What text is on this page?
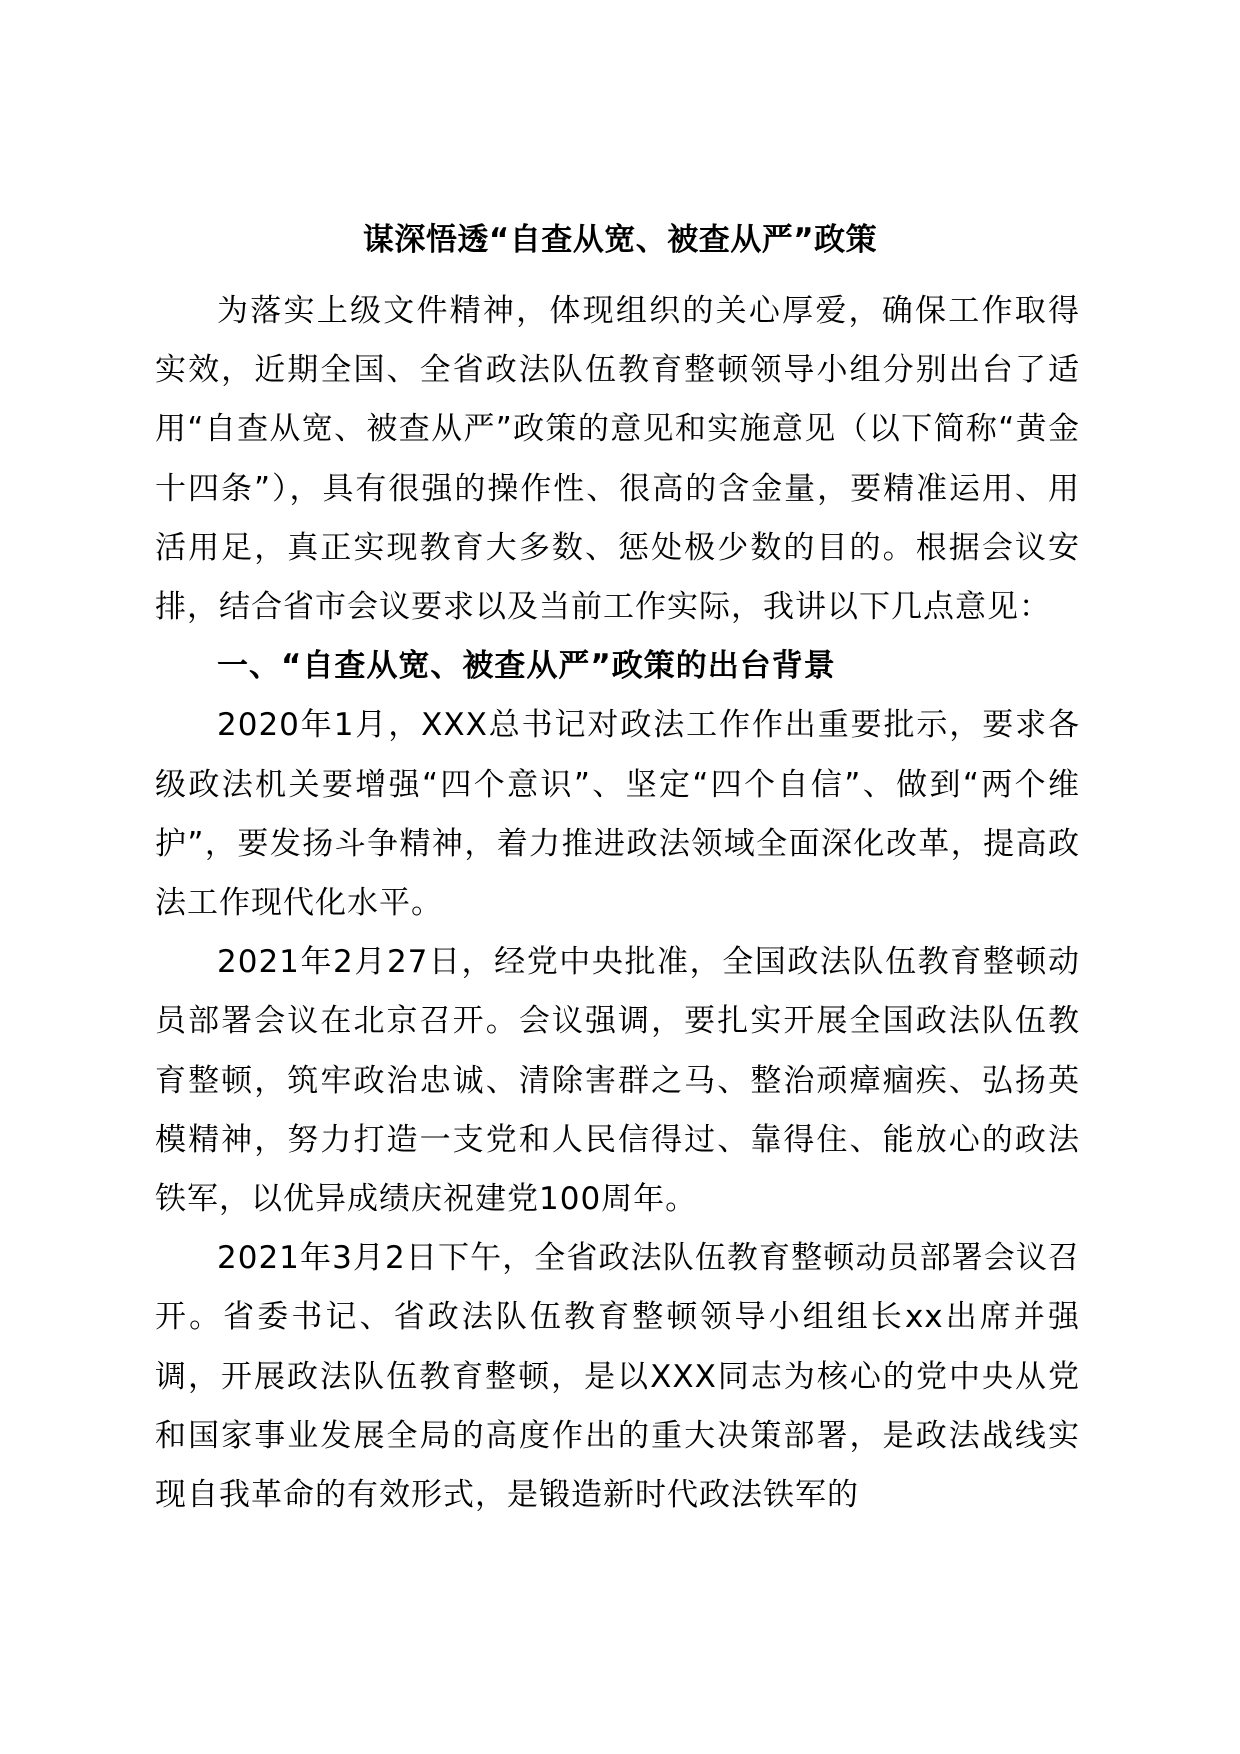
谋深悟透“自查从宽、被查从严”政策

为落实上级文件精神，体现组织的关心厚爱，确保工作取得实效，近期全国、全省政法队伍教育整顿领导小组分别出台了适用“自查从宽、被查从严”政策的意见和实施意见（以下简称“黄金十四条”），具有很强的操作性、很高的含金量，要精准运用、用活用足，真正实现教育大多数、惩处极少数的目的。根据会议安排，结合省市会议要求以及当前工作实际，我讲以下几点意见：

一、“自查从宽、被查从严”政策的出台背景

2020年1月，XXX总书记对政法工作作出重要批示，要求各级政法机关要增强“四个意识”、坚定“四个自信”、做到“两个维护”，要发扬斗争精神，着力推进政法领域全面深化改革，提高政法工作现代化水平。

2021年2月27日，经党中央批准，全国政法队伍教育整顿动员部署会议在北京召开。会议强调，要扎实开展全国政法队伍教育整顿，筑牢政治忠诚、清除害群之马、整治顽瘴痼疾、弘扬英模精神，努力打造一支党和人民信得过、靠得住、能放心的政法铁军，以优异成绩庆祝建党100周年。

2021年3月2日下午，全省政法队伍教育整顿动员部署会议召开。省委书记、省政法队伍教育整顿领导小组组长xx出席并强调，开展政法队伍教育整顿，是以XXX同志为核心的党中央从党和国家事业发展全局的高度作出的重大决策部署，是政法战线实现自我革命的有效形式，是锻造新时代政法铁军的
